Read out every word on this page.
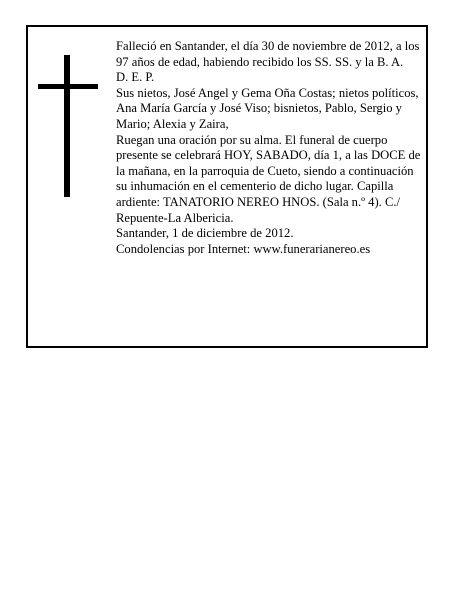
Falleció en Santander, el día 30 de noviembre de 2012, a los 97 años de edad, habiendo recibido los SS. SS. y la B. A.

D. E. P.

Sus nietos, José Angel y Gema Oña Costas; nietos políticos, Ana María García y José Viso; bisnietos, Pablo, Sergio y Mario; Alexia y Zaira,

Ruegan una oración por su alma. El funeral de cuerpo presente se celebrará HOY, SABADO, día 1, a las DOCE de la mañana, en la parroquia de Cueto, siendo a continuación su inhumación en el cementerio de dicho lugar. Capilla ardiente: TANATORIO NEREO HNOS. (Sala n.º 4). C./ Repuente-La Albericia.

Santander, 1 de diciembre de 2012.

Condolencias por Internet: www.funerarianereo.es
